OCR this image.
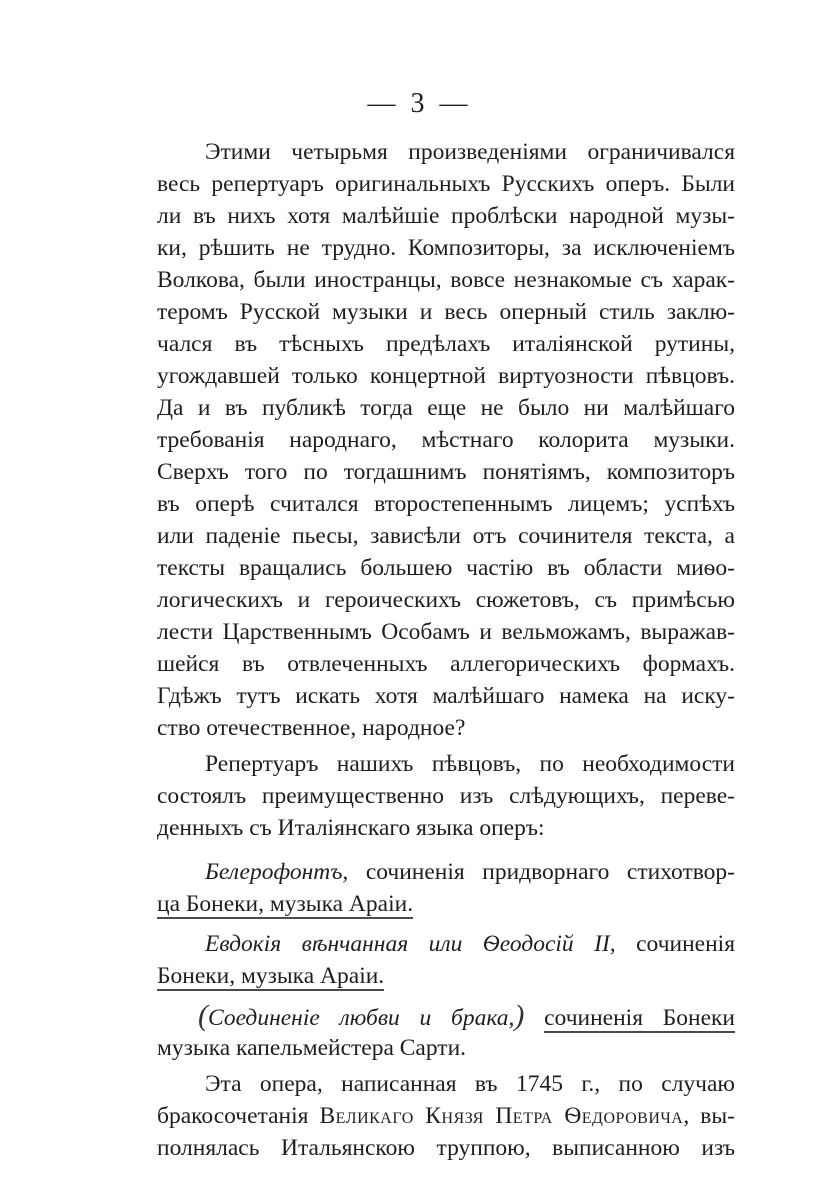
— 3 —
Этими четырьмя произведеніями ограничивался
весь репертуаръ оригинальныхъ Русскихъ оперъ. Были
ли въ нихъ хотя малѣйшіе проблѣски народной музы-
ки, рѣшить не трудно. Композиторы, за исключеніемъ
Волкова, были иностранцы, вовсе незнакомые съ харак-
теромъ Русской музыки и весь оперный стиль заклю-
чался въ тѣсныхъ предѣлахъ италіянской рутины,
угождавшей только концертной виртуозности пѣвцовъ.
Да и въ публикѣ тогда еще не было ни малѣйшаго
требованія народнаго, мѣстнаго колорита музыки.
Сверхъ того по тогдашнимъ понятіямъ, композиторъ
въ оперѣ считался второстепеннымъ лицемъ; успѣхъ
или паденіе пьесы, зависѣли отъ сочинителя текста, а
тексты вращались большею частію въ области миѳо-
логическихъ и героическихъ сюжетовъ, съ примѣсью
лести Царственнымъ Особамъ и вельможамъ, выражав-
шейся въ отвлеченныхъ аллегорическихъ формахъ.
Гдѣжъ тутъ искать хотя малѣйшаго намека на иску-
ство отечественное, народное?
Репертуаръ нашихъ пѣвцовъ, по необходимости
состоялъ преимущественно изъ слѣдующихъ, переве-
денныхъ съ Италіянскаго языка оперъ:
Белерофонтъ, сочиненія придворнаго стихотвор-
ца Бонеки, музыка Араіи.
Евдокія вѣнчанная или Ѳеодосій II, сочиненія
Бонеки, музыка Араіи.
(Соединеніе любви и брака,) сочиненія Бонеки
музыка капельмейстера Сарти.
Эта опера, написанная въ 1745 г., по случаю
бракосочетанія Великаго Князя Петра Ѳедоровича, вы-
полнялась Итальянскою труппою, выписанною изъ
